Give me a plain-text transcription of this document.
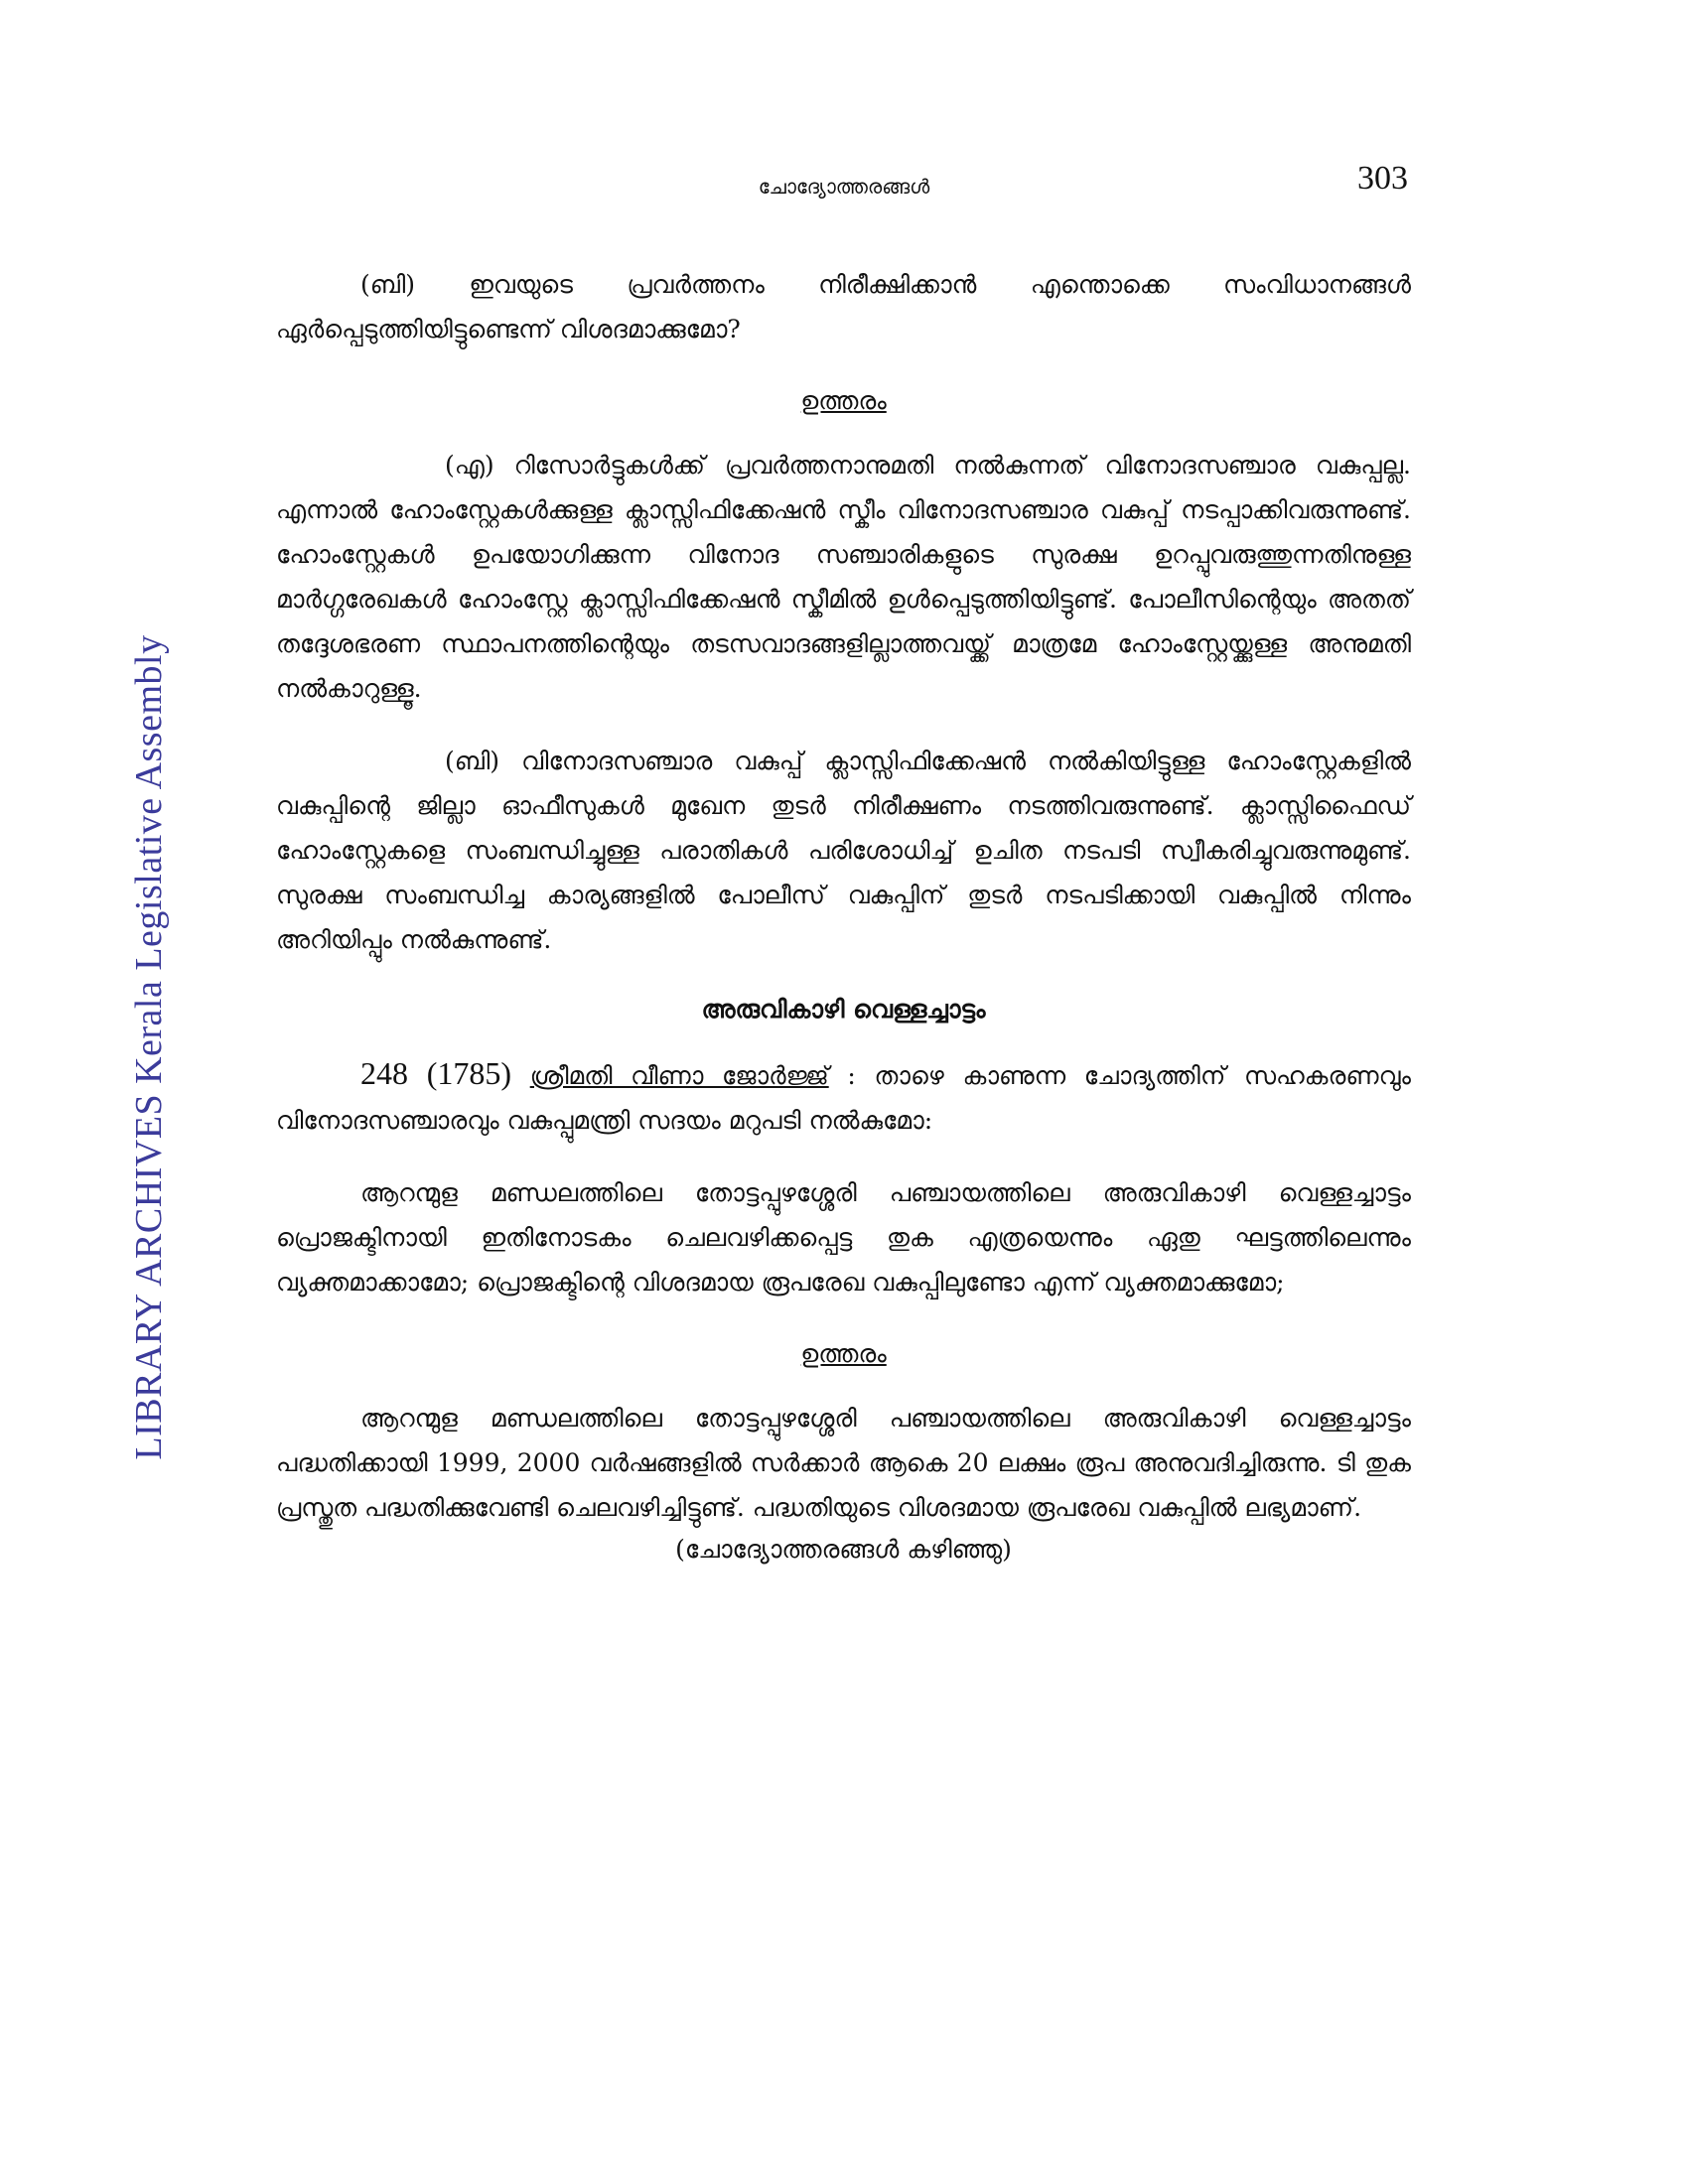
LIBRARY ARCHIVES Kerala Legislative Assembly
ചോദ്യോത്തരങ്ങൾ	303

(ബി) ഇവയുടെ പ്രവർത്തനം നിരീക്ഷിക്കാൻ എന്തൊക്കെ സംവിധാനങ്ങൾ ഏർപ്പെടുത്തിയിട്ടുണ്ടെന്ന് വിശദമാക്കുമോ?

ഉത്തരം

(എ) റിസോർട്ടുകൾക്ക് പ്രവർത്തനാനുമതി നൽകുന്നത് വിനോദസഞ്ചാര വകുപ്പല്ല. എന്നാൽ ഹോംസ്റ്റേകൾക്കുള്ള ക്ലാസ്സിഫിക്കേഷൻ സ്കീം വിനോദസഞ്ചാര വകുപ്പ് നടപ്പാക്കിവരുന്നുണ്ട്. ഹോംസ്റ്റേകൾ ഉപയോഗിക്കുന്ന വിനോദ സഞ്ചാരികളുടെ സുരക്ഷ ഉറപ്പുവരുത്തുന്നതിനുള്ള മാർഗ്ഗരേഖകൾ ഹോംസ്റ്റേ ക്ലാസ്സിഫിക്കേഷൻ സ്കീമിൽ ഉൾപ്പെടുത്തിയിട്ടുണ്ട്. പോലീസിന്റെയും അതത് തദ്ദേശഭരണ സ്ഥാപനത്തിന്റെയും തടസവാദങ്ങളില്ലാത്തവയ്ക്ക് മാത്രമേ ഹോംസ്റ്റേയ്ക്കുള്ള അനുമതി നൽകാറുള്ളൂ.

(ബി) വിനോദസഞ്ചാര വകുപ്പ് ക്ലാസ്സിഫിക്കേഷൻ നൽകിയിട്ടുള്ള ഹോംസ്റ്റേകളിൽ വകുപ്പിന്റെ ജില്ലാ ഓഫീസുകൾ മുഖേന തുടർ നിരീക്ഷണം നടത്തിവരുന്നുണ്ട്. ക്ലാസ്സിഫൈഡ് ഹോംസ്റ്റേകളെ സംബന്ധിച്ചുള്ള പരാതികൾ പരിശോധിച്ച് ഉചിത നടപടി സ്വീകരിച്ചുവരുന്നുമുണ്ട്. സുരക്ഷ സംബന്ധിച്ച കാര്യങ്ങളിൽ പോലീസ് വകുപ്പിന് തുടർ നടപടിക്കായി വകുപ്പിൽ നിന്നും അറിയിപ്പും നൽകുന്നുണ്ട്.

അരുവികാഴി വെള്ളച്ചാട്ടം

248 (1785) ശ്രീമതി വീണാ ജോർജ്ജ് : താഴെ കാണുന്ന ചോദ്യത്തിന് സഹകരണവും വിനോദസഞ്ചാരവും വകുപ്പുമന്ത്രി സദയം മറുപടി നൽകുമോ:

ആറന്മുള മണ്ഡലത്തിലെ തോട്ടപ്പുഴശ്ശേരി പഞ്ചായത്തിലെ അരുവികാഴി വെള്ളച്ചാട്ടം പ്രൊജക്ടിനായി ഇതിനോടകം ചെലവഴിക്കപ്പെട്ട തുക എത്രയെന്നും ഏതു ഘട്ടത്തിലെന്നും വ്യക്തമാക്കാമോ; പ്രൊജക്ടിന്റെ വിശദമായ രൂപരേഖ വകുപ്പിലുണ്ടോ എന്ന് വ്യക്തമാക്കുമോ;

ഉത്തരം

ആറന്മുള മണ്ഡലത്തിലെ തോട്ടപ്പുഴശ്ശേരി പഞ്ചായത്തിലെ അരുവികാഴി വെള്ളച്ചാട്ടം പദ്ധതിക്കായി 1999, 2000 വർഷങ്ങളിൽ സർക്കാർ ആകെ 20 ലക്ഷം രൂപ അനുവദിച്ചിരുന്നു. ടി തുക പ്രസ്തുത പദ്ധതിക്കുവേണ്ടി ചെലവഴിച്ചിട്ടുണ്ട്. പദ്ധതിയുടെ വിശദമായ രൂപരേഖ വകുപ്പിൽ ലഭ്യമാണ്.

(ചോദ്യോത്തരങ്ങൾ കഴിഞ്ഞു)
